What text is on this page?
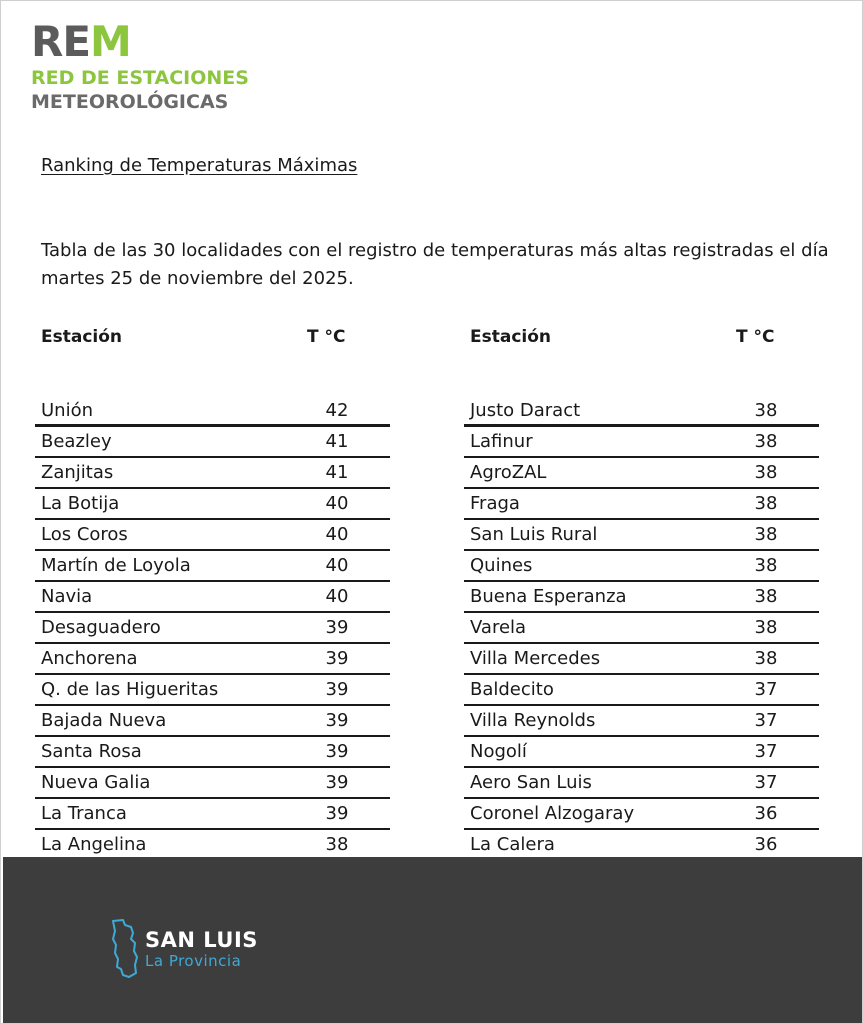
REM
RED DE ESTACIONES
METEOROLÓGICAS
Ranking de Temperaturas Máximas
Tabla de las 30 localidades con el registro de temperaturas más altas registradas el día martes 25 de noviembre del 2025.
Estación	T °C
Unión	42
Beazley	41
Zanjitas	41
La Botija	40
Los Coros	40
Martín de Loyola	40
Navia	40
Desaguadero	39
Anchorena	39
Q. de las Higueritas	39
Bajada Nueva	39
Santa Rosa	39
Nueva Galia	39
La Tranca	39
La Angelina	38
Estación	T °C
Justo Daract	38
Lafinur	38
AgroZAL	38
Fraga	38
San Luis Rural	38
Quines	38
Buena Esperanza	38
Varela	38
Villa Mercedes	38
Baldecito	37
Villa Reynolds	37
Nogolí	37
Aero San Luis	37
Coronel Alzogaray	36
La Calera	36
SAN LUIS
La Provincia
